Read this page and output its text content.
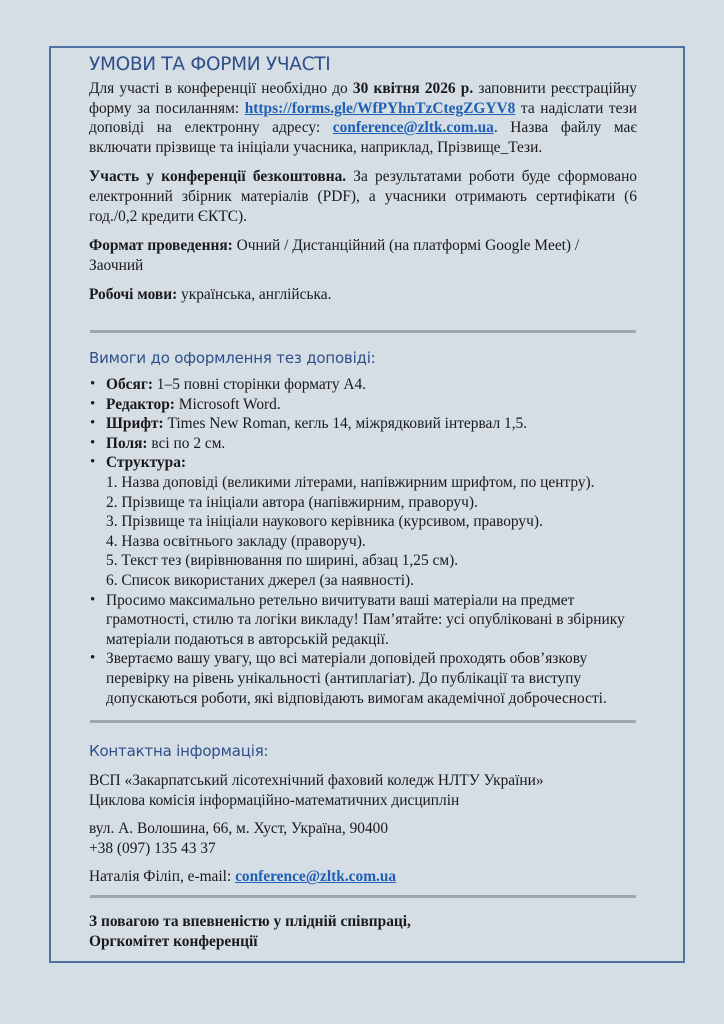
УМОВИ ТА ФОРМИ УЧАСТІ

Для участі в конференції необхідно до 30 квітня 2026 р. заповнити реєстраційну форму за посиланням: https://forms.gle/WfPYhnTzCtegZGYV8 та надіслати тези доповіді на електронну адресу: conference@zltk.com.ua. Назва файлу має включати прізвище та ініціали учасника, наприклад, Прізвище_Тези.

Участь у конференції безкоштовна. За результатами роботи буде сформовано електронний збірник матеріалів (PDF), а учасники отримають сертифікати (6 год./0,2 кредити ЄКТС).

Формат проведення: Очний / Дистанційний (на платформі Google Meet) / Заочний

Робочі мови: українська, англійська.

Вимоги до оформлення тез доповіді:
• Обсяг: 1–5 повні сторінки формату А4.
• Редактор: Microsoft Word.
• Шрифт: Times New Roman, кегль 14, міжрядковий інтервал 1,5.
• Поля: всі по 2 см.
• Структура:
1. Назва доповіді (великими літерами, напівжирним шрифтом, по центру).
2. Прізвище та ініціали автора (напівжирним, праворуч).
3. Прізвище та ініціали наукового керівника (курсивом, праворуч).
4. Назва освітнього закладу (праворуч).
5. Текст тез (вирівнювання по ширині, абзац 1,25 см).
6. Список використаних джерел (за наявності).
• Просимо максимально ретельно вичитувати ваші матеріали на предмет грамотності, стилю та логіки викладу! Пам’ятайте: усі опубліковані в збірнику матеріали подаються в авторській редакції.
• Звертаємо вашу увагу, що всі матеріали доповідей проходять обов’язкову перевірку на рівень унікальності (антиплагіат). До публікації та виступу допускаються роботи, які відповідають вимогам академічної доброчесності.
Контактна інформація:

ВСП «Закарпатський лісотехнічний фаховий коледж НЛТУ України»

Циклова комісія інформаційно-математичних дисциплін

вул. А. Волошина, 66, м. Хуст, Україна, 90400

+38 (097) 135 43 37

Наталія Філіп, e-mail: conference@zltk.com.ua

З повагою та впевненістю у плідній співпраці,

Оргкомітет конференції
